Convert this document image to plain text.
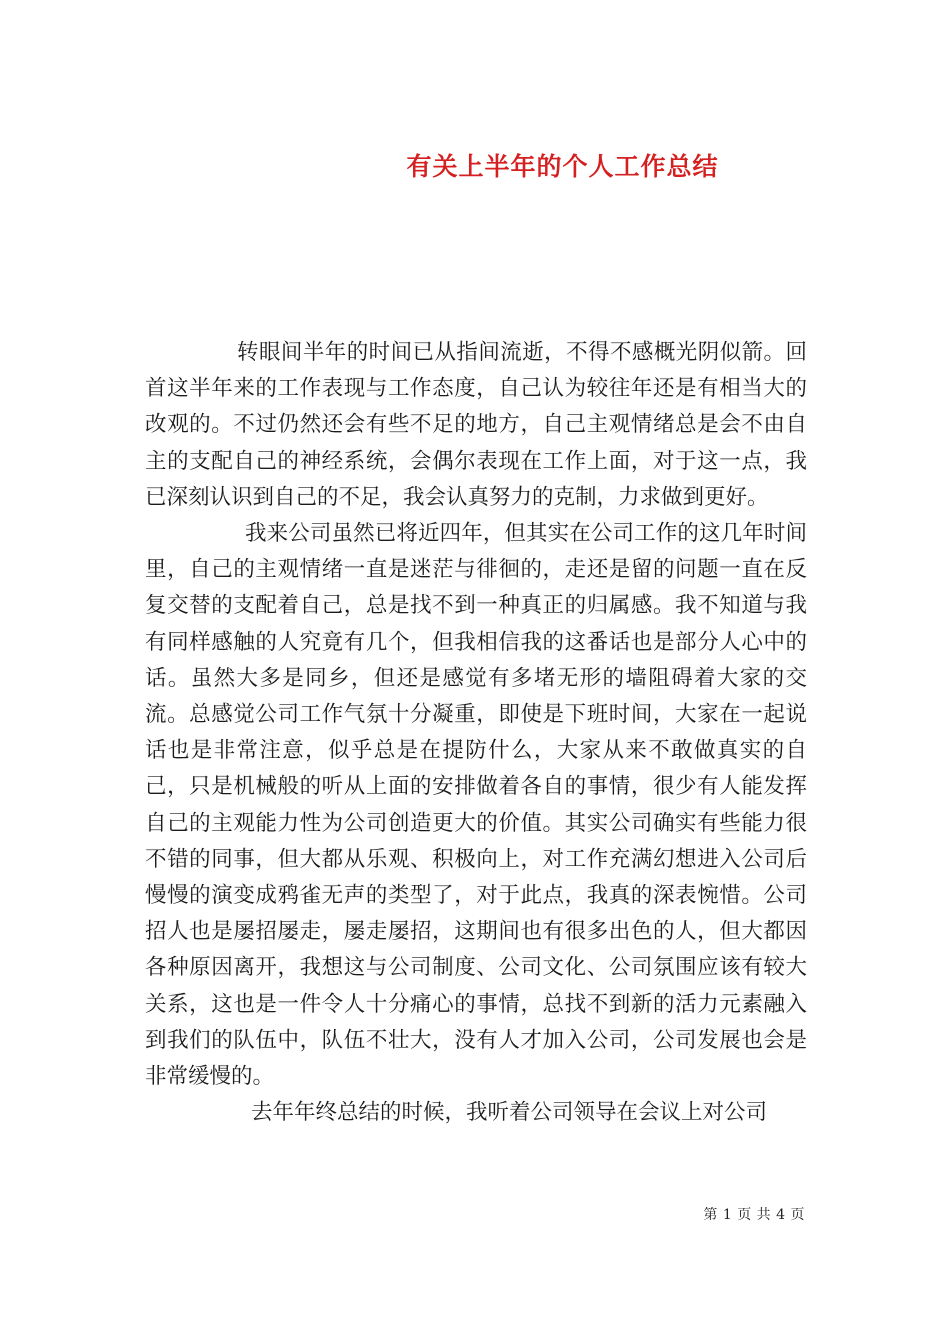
有关上半年的个人工作总结

转眼间半年的时间已从指间流逝，不得不感概光阴似箭。回首这半年来的工作表现与工作态度，自己认为较往年还是有相当大的改观的。不过仍然还会有些不足的地方，自己主观情绪总是会不由自主的支配自己的神经系统，会偶尔表现在工作上面，对于这一点，我已深刻认识到自己的不足，我会认真努力的克制，力求做到更好。

我来公司虽然已将近四年，但其实在公司工作的这几年时间里，自己的主观情绪一直是迷茫与徘徊的，走还是留的问题一直在反复交替的支配着自己，总是找不到一种真正的归属感。我不知道与我有同样感触的人究竟有几个，但我相信我的这番话也是部分人心中的话。虽然大多是同乡，但还是感觉有多堵无形的墙阻碍着大家的交流。总感觉公司工作气氛十分凝重，即使是下班时间，大家在一起说话也是非常注意，似乎总是在提防什么，大家从来不敢做真实的自己，只是机械般的听从上面的安排做着各自的事情，很少有人能发挥自己的主观能力性为公司创造更大的价值。其实公司确实有些能力很不错的同事，但大都从乐观、积极向上，对工作充满幻想进入公司后慢慢的演变成鸦雀无声的类型了，对于此点，我真的深表惋惜。公司招人也是屡招屡走，屡走屡招，这期间也有很多出色的人，但大都因各种原因离开，我想这与公司制度、公司文化、公司氛围应该有较大关系，这也是一件令人十分痛心的事情，总找不到新的活力元素融入到我们的队伍中，队伍不壮大，没有人才加入公司，公司发展也会是非常缓慢的。

去年年终总结的时候，我听着公司领导在会议上对公司

第 1 页 共 4 页
